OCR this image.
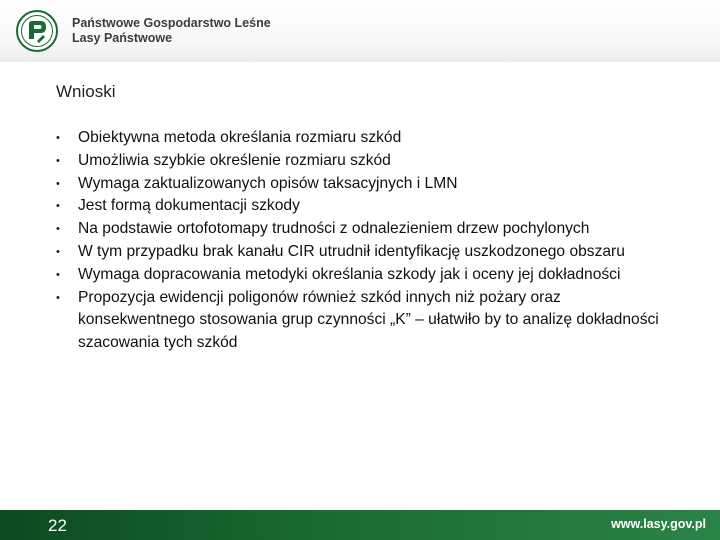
Państwowe Gospodarstwo Leśne
Lasy Państwowe
Wnioski
• Obiektywna metoda określania rozmiaru szkód
• Umożliwia szybkie określenie rozmiaru szkód
• Wymaga zaktualizowanych opisów taksacyjnych i LMN
• Jest formą dokumentacji szkody
• Na podstawie ortofotomapy trudności z odnalezieniem drzew pochylonych
• W tym przypadku brak kanału CIR utrudnił identyfikację uszkodzonego obszaru
• Wymaga dopracowania metodyki określania szkody jak i oceny jej dokładności
• Propozycja ewidencji poligonów również szkód innych niż pożary oraz konsekwentnego stosowania grup czynności „K” – ułatwiło by to analizę dokładności szacowania tych szkód
22	www.lasy.gov.pl
